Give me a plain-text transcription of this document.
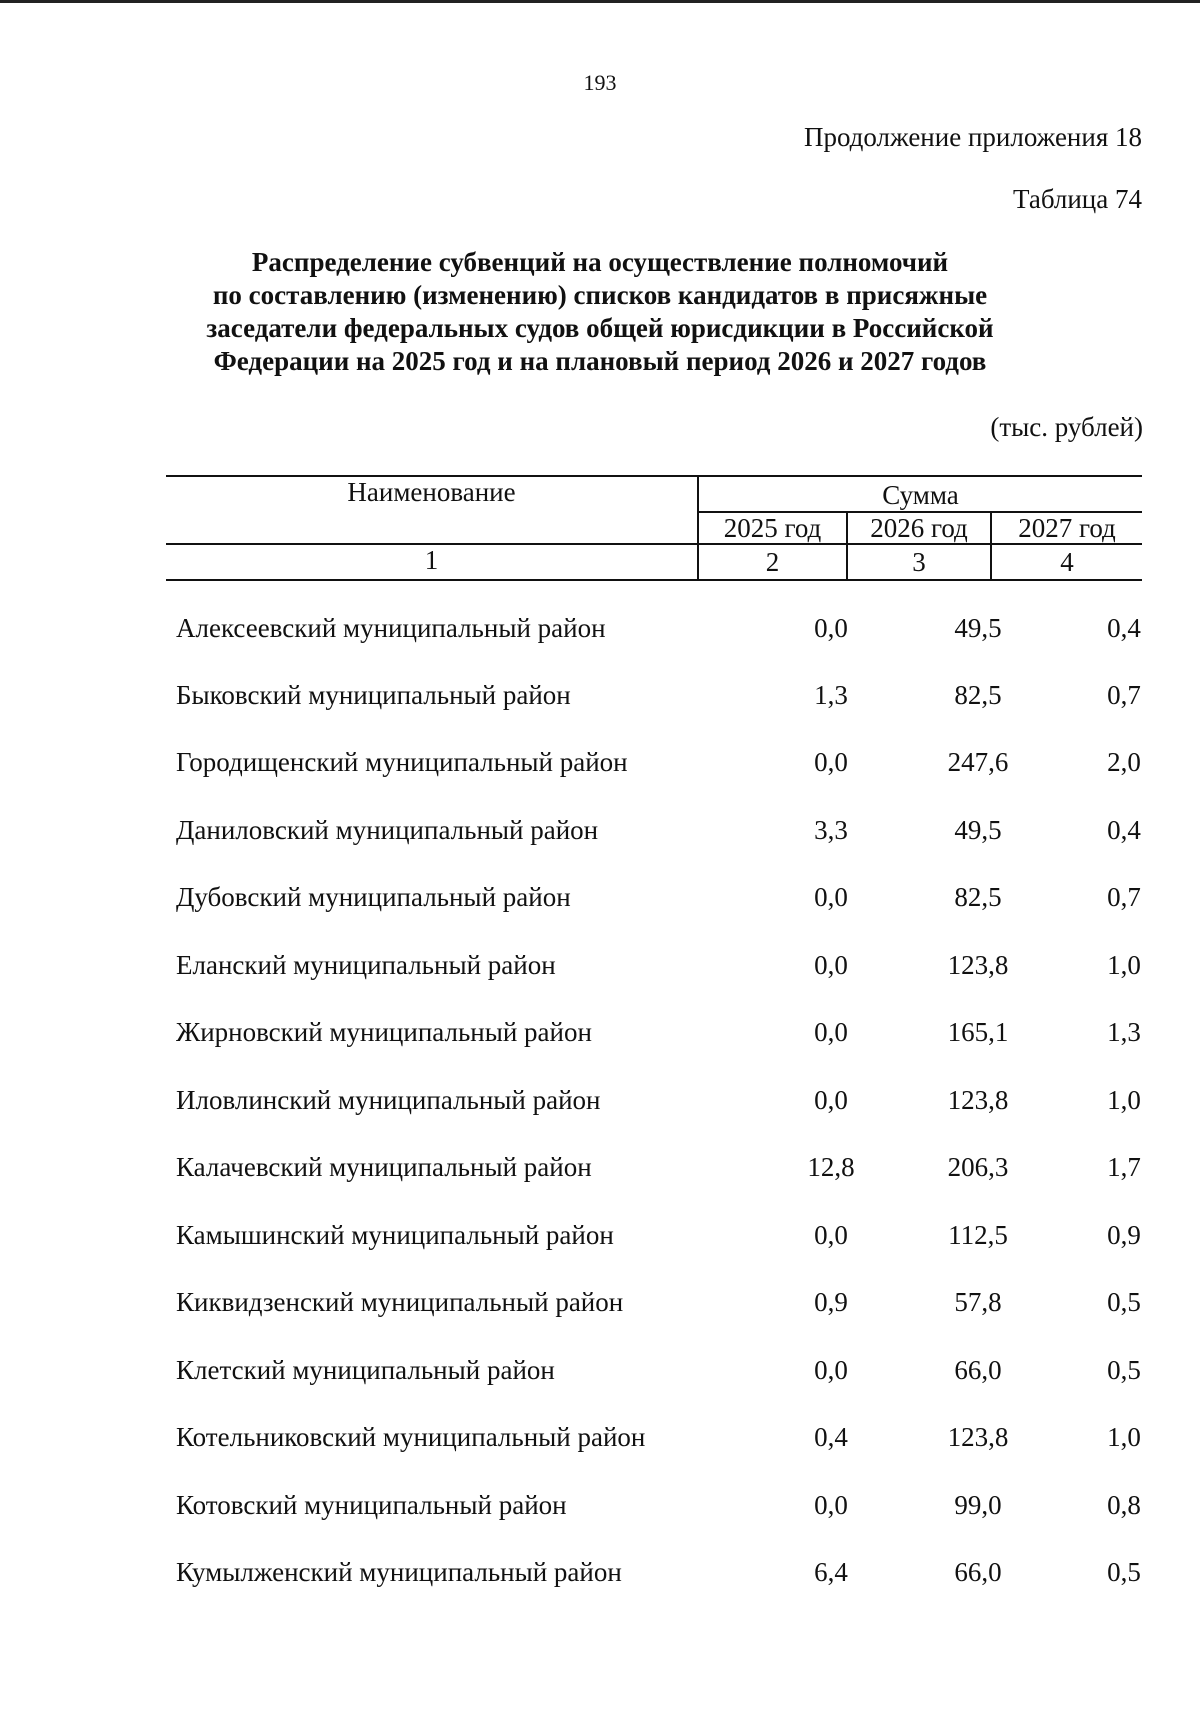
193
Продолжение приложения 18
Таблица 74
Распределение субвенций на осуществление полномочий
по составлению (изменению) списков кандидатов в присяжные
заседатели федеральных судов общей юрисдикции в Российской
Федерации на 2025 год и на плановый период 2026 и 2027 годов
(тыс. рублей)
Наименование	Сумма
2025 год	2026 год	2027 год
1	2	3	4
Алексеевский муниципальный район	0,0	49,5	0,4
Быковский муниципальный район	1,3	82,5	0,7
Городищенский муниципальный район	0,0	247,6	2,0
Даниловский муниципальный район	3,3	49,5	0,4
Дубовский муниципальный район	0,0	82,5	0,7
Еланский муниципальный район	0,0	123,8	1,0
Жирновский муниципальный район	0,0	165,1	1,3
Иловлинский муниципальный район	0,0	123,8	1,0
Калачевский муниципальный район	12,8	206,3	1,7
Камышинский муниципальный район	0,0	112,5	0,9
Киквидзенский муниципальный район	0,9	57,8	0,5
Клетский муниципальный район	0,0	66,0	0,5
Котельниковский муниципальный район	0,4	123,8	1,0
Котовский муниципальный район	0,0	99,0	0,8
Кумылженский муниципальный район	6,4	66,0	0,5
